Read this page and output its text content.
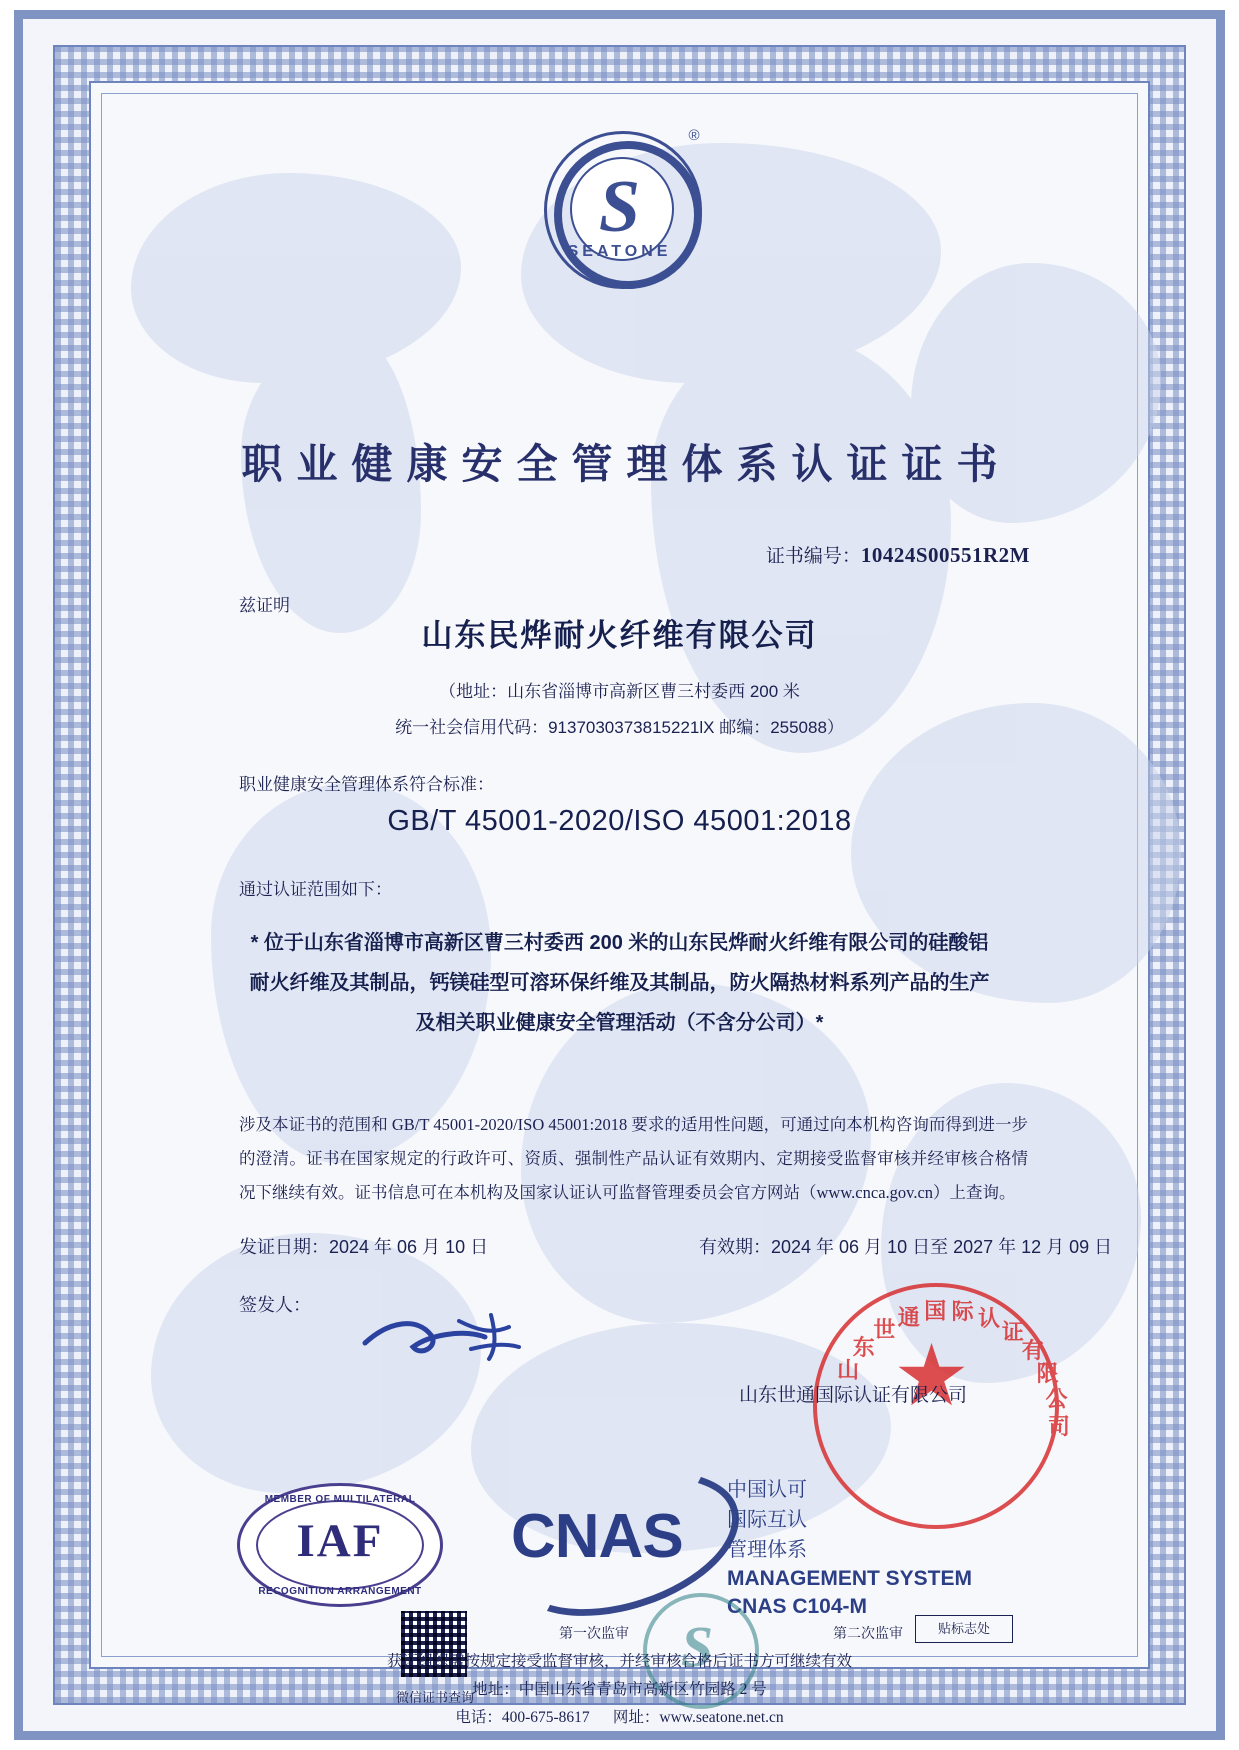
S
SEATONE
®
职业健康安全管理体系认证证书
证书编号：10424S00551R2M
兹证明
山东民烨耐火纤维有限公司
（地址：山东省淄博市高新区曹三村委西 200 米
统一社会信用代码：9137030373815221lX 邮编：255088）
职业健康安全管理体系符合标准：
GB/T 45001-2020/ISO 45001:2018
通过认证范围如下：
* 位于山东省淄博市高新区曹三村委西 200 米的山东民烨耐火纤维有限公司的硅酸铝耐火纤维及其制品，钙镁硅型可溶环保纤维及其制品，防火隔热材料系列产品的生产及相关职业健康安全管理活动（不含分公司）*
涉及本证书的范围和 GB/T 45001-2020/ISO 45001:2018 要求的适用性问题，可通过向本机构咨询而得到进一步的澄清。证书在国家规定的行政许可、资质、强制性产品认证有效期内、定期接受监督审核并经审核合格情况下继续有效。证书信息可在本机构及国家认证认可监督管理委员会官方网站（www.cnca.gov.cn）上查询。
发证日期：2024 年 06 月 10 日	有效期：2024 年 06 月 10 日至 2027 年 12 月 09 日
签发人：
山
东
世 通 国 际 认
证
有
限
公
司
山东世通国际认证有限公司
MEMBER OF MULTILATERAL
IAF
RECOGNITION ARRANGEMENT
CNAS
中国认可
国际互认
管理体系
MANAGEMENT SYSTEM
CNAS C104-M
微信证书查询
S
第一次监审	第二次监审	贴标志处
获证组织需按规定接受监督审核，并经审核合格后证书方可继续有效
地址：中国山东省青岛市高新区竹园路 2 号
电话：400-675-8617 网址：www.seatone.net.cn
